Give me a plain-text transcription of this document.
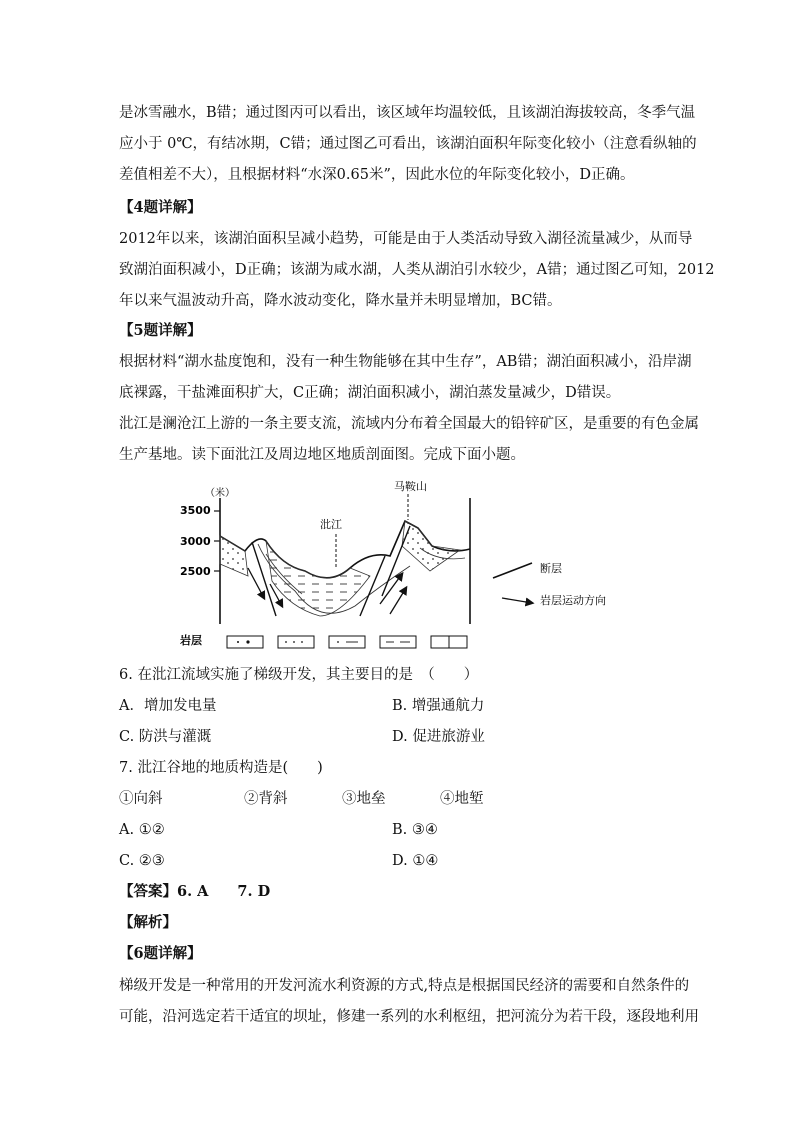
是冰雪融水，B错；通过图丙可以看出，该区域年均温较低，且该湖泊海拔较高，冬季气温
应小于 0℃，有结冰期，C错；通过图乙可看出，该湖泊面积年际变化较小（注意看纵轴的
差值相差不大），且根据材料“水深0.65米”，因此水位的年际变化较小，D正确。
【4题详解】
2012年以来，该湖泊面积呈减小趋势，可能是由于人类活动导致入湖径流量减少，从而导
致湖泊面积减小，D正确；该湖为咸水湖，人类从湖泊引水较少，A错；通过图乙可知，2012
年以来气温波动升高，降水波动变化，降水量并未明显增加，BC错。
【5题详解】
根据材料“湖水盐度饱和，没有一种生物能够在其中生存”，AB错；湖泊面积减小，沿岸湖
底裸露，干盐滩面积扩大，C正确；湖泊面积减小，湖泊蒸发量减少，D错误。
沘江是澜沧江上游的一条主要支流，流域内分布着全国最大的铅锌矿区，是重要的有色金属
生产基地。读下面沘江及周边地区地质剖面图。完成下面小题。
（米）
3500
3000
2500
沘江
马鞍山
断层
岩层运动方向
岩层
6. 在沘江流域实施了梯级开发，其主要目的是　（　　）
A．增加发电量	B. 增强通航力
C. 防洪与灌溉	D. 促进旅游业
7. 沘江谷地的地质构造是(　　)
①向斜	②背斜	③地垒	④地堑
A. ①②	B. ③④
C. ②③	D. ①④
【答案】6. A　　7. D
【解析】
【6题详解】
梯级开发是一种常用的开发河流水利资源的方式,特点是根据国民经济的需要和自然条件的
可能，沿河选定若干适宜的坝址，修建一系列的水利枢纽，把河流分为若干段，逐段地利用
